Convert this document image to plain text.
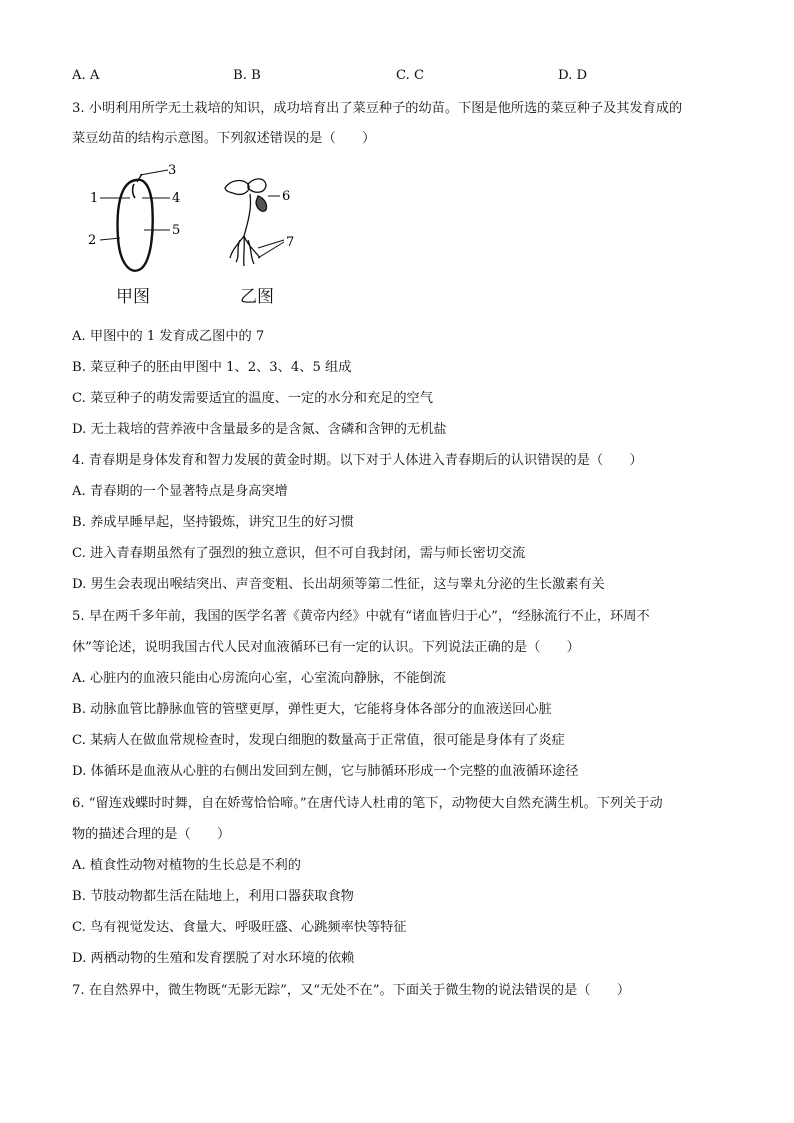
A. A	B. B	C. C	D. D
3. 小明利用所学无土栽培的知识，成功培育出了菜豆种子的幼苗。下图是他所选的菜豆种子及其发育成的
菜豆幼苗的结构示意图。下列叙述错误的是（　　）
1
2
3
4
5
6
7
甲图	乙图
A. 甲图中的 1 发育成乙图中的 7
B. 菜豆种子的胚由甲图中 1、2、3、4、5 组成
C. 菜豆种子的萌发需要适宜的温度、一定的水分和充足的空气
D. 无土栽培的营养液中含量最多的是含氮、含磷和含钾的无机盐
4. 青春期是身体发育和智力发展的黄金时期。以下对于人体进入青春期后的认识错误的是（　　）
A. 青春期的一个显著特点是身高突增
B. 养成早睡早起，坚持锻炼，讲究卫生的好习惯
C. 进入青春期虽然有了强烈的独立意识，但不可自我封闭，需与师长密切交流
D. 男生会表现出喉结突出、声音变粗、长出胡须等第二性征，这与睾丸分泌的生长激素有关
5. 早在两千多年前，我国的医学名著《黄帝内经》中就有“诸血皆归于心”，“经脉流行不止，环周不
休”等论述，说明我国古代人民对血液循环已有一定的认识。下列说法正确的是（　　）
A. 心脏内的血液只能由心房流向心室，心室流向静脉，不能倒流
B. 动脉血管比静脉血管的管壁更厚，弹性更大，它能将身体各部分的血液送回心脏
C. 某病人在做血常规检查时，发现白细胞的数量高于正常值，很可能是身体有了炎症
D. 体循环是血液从心脏的右侧出发回到左侧，它与肺循环形成一个完整的血液循环途径
6. “留连戏蝶时时舞，自在娇莺恰恰啼。”在唐代诗人杜甫的笔下，动物使大自然充满生机。下列关于动
物的描述合理的是（　　）
A. 植食性动物对植物的生长总是不利的
B. 节肢动物都生活在陆地上，利用口器获取食物
C. 鸟有视觉发达、食量大、呼吸旺盛、心跳频率快等特征
D. 两栖动物的生殖和发育摆脱了对水环境的依赖
7. 在自然界中，微生物既“无影无踪”，又“无处不在”。下面关于微生物的说法错误的是（　　）
